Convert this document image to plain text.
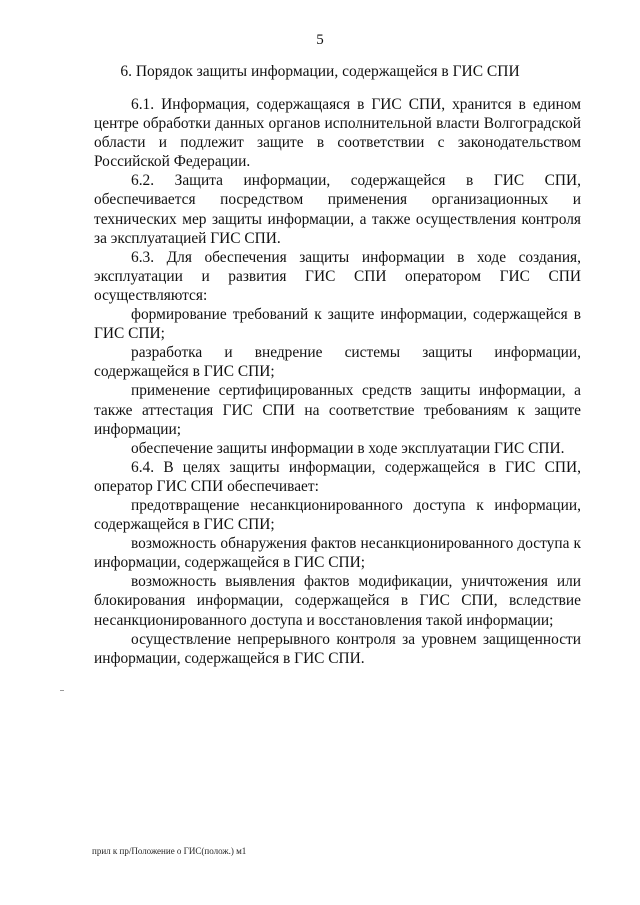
5
6. Порядок защиты информации, содержащейся в ГИС СПИ

6.1. Информация, содержащаяся в ГИС СПИ, хранится в едином центре обработки данных органов исполнительной власти Волгоградской области и подлежит защите в соответствии с законодательством Российской Федерации.

6.2. Защита информации, содержащейся в ГИС СПИ, обеспечивается посредством применения организационных и технических мер защиты информации, а также осуществления контроля за эксплуатацией ГИС СПИ.

6.3. Для обеспечения защиты информации в ходе создания, эксплуатации и развития ГИС СПИ оператором ГИС СПИ осуществляются:

формирование требований к защите информации, содержащейся в ГИС СПИ;

разработка и внедрение системы защиты информации, содержащейся в ГИС СПИ;

применение сертифицированных средств защиты информации, а также аттестация ГИС СПИ на соответствие требованиям к защите информации;

обеспечение защиты информации в ходе эксплуатации ГИС СПИ.

6.4. В целях защиты информации, содержащейся в ГИС СПИ, оператор ГИС СПИ обеспечивает:

предотвращение несанкционированного доступа к информации, содержащейся в ГИС СПИ;

возможность обнаружения фактов несанкционированного доступа к информации, содержащейся в ГИС СПИ;

возможность выявления фактов модификации, уничтожения или блокирования информации, содержащейся в ГИС СПИ, вследствие несанкционированного доступа и восстановления такой информации;

осуществление непрерывного контроля за уровнем защищенности информации, содержащейся в ГИС СПИ.

прил к пр/Положение о ГИС(полож.) м1
